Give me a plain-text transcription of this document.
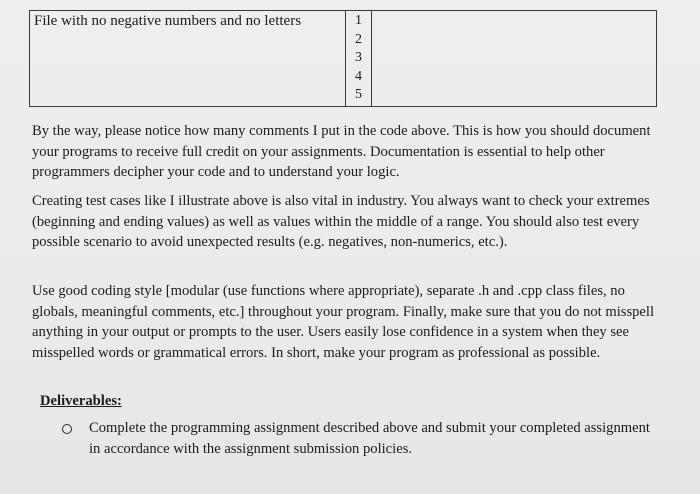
File with no negative numbers and no letters	1
2
3
4
5

By the way, please notice how many comments I put in the code above. This is how you should document your programs to receive full credit on your assignments. Documentation is essential to help other programmers decipher your code and to understand your logic.

Creating test cases like I illustrate above is also vital in industry. You always want to check your extremes (beginning and ending values) as well as values within the middle of a range. You should also test every possible scenario to avoid unexpected results (e.g. negatives, non-numerics, etc.).

Use good coding style [modular (use functions where appropriate), separate .h and .cpp class files, no globals, meaningful comments, etc.] throughout your program. Finally, make sure that you do not misspell anything in your output or prompts to the user. Users easily lose confidence in a system when they see misspelled words or grammatical errors. In short, make your program as professional as possible.

Deliverables:
Complete the programming assignment described above and submit your completed assignment in accordance with the assignment submission policies.
